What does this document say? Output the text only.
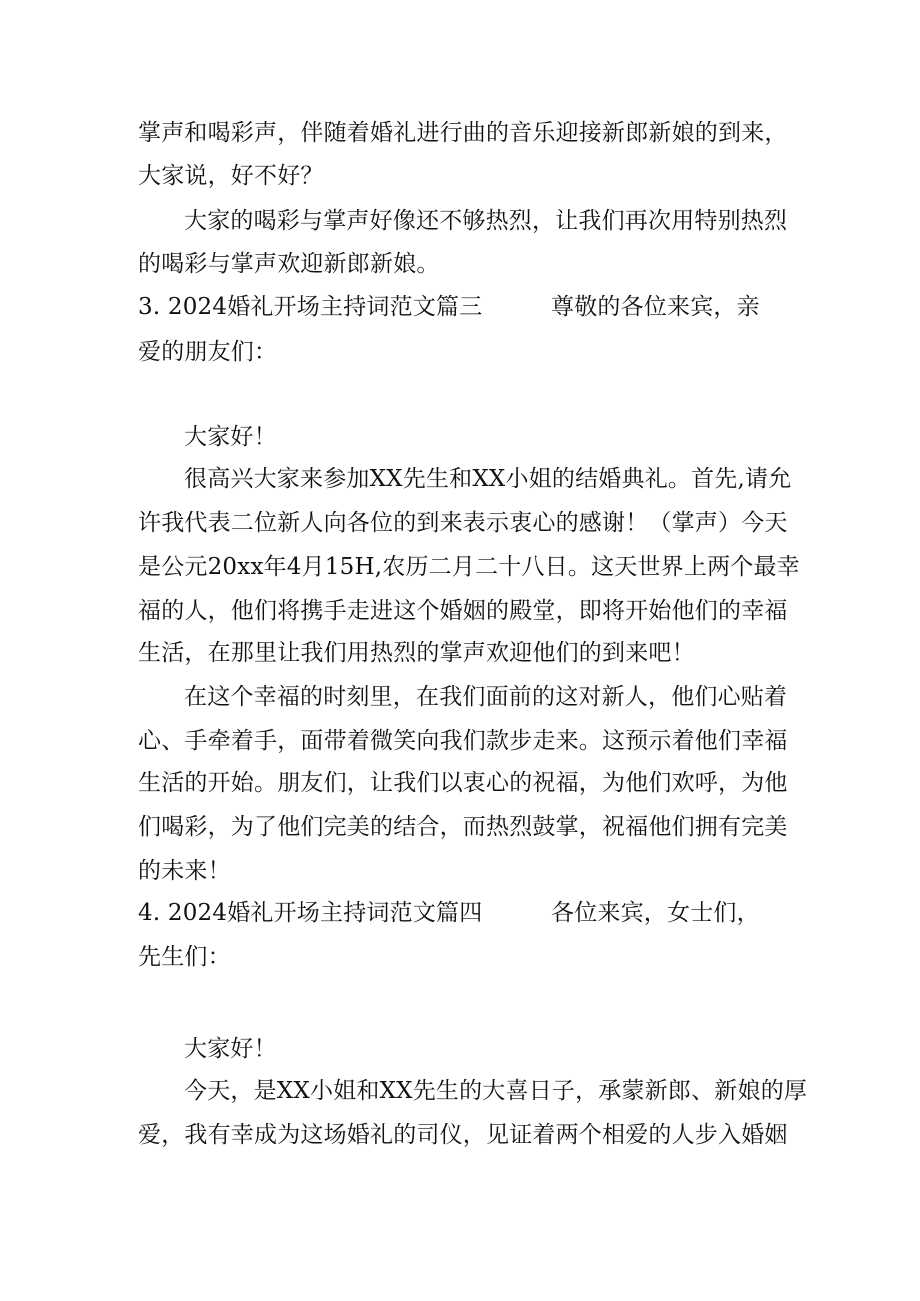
掌声和喝彩声，伴随着婚礼进行曲的音乐迎接新郎新娘的到来，

大家说，好不好？

大家的喝彩与掌声好像还不够热烈，让我们再次用特别热烈

的喝彩与掌声欢迎新郎新娘。

3. 2024婚礼开场主持词范文篇三	尊敬的各位来宾，亲

爱的朋友们：

大家好！

很高兴大家来参加XX先生和XX小姐的结婚典礼。首先,请允

许我代表二位新人向各位的到来表示衷心的感谢！（掌声）今天

是公元20xx年4月15H,农历二月二十八日。这天世界上两个最幸

福的人，他们将携手走进这个婚姻的殿堂，即将开始他们的幸福

生活，在那里让我们用热烈的掌声欢迎他们的到来吧！

在这个幸福的时刻里，在我们面前的这对新人，他们心贴着

心、手牵着手，面带着微笑向我们款步走来。这预示着他们幸福

生活的开始。朋友们，让我们以衷心的祝福，为他们欢呼，为他

们喝彩，为了他们完美的结合，而热烈鼓掌，祝福他们拥有完美

的未来！

4. 2024婚礼开场主持词范文篇四	各位来宾，女士们，

先生们：

大家好！

今天，是XX小姐和XX先生的大喜日子，承蒙新郎、新娘的厚

爱，我有幸成为这场婚礼的司仪，见证着两个相爱的人步入婚姻
